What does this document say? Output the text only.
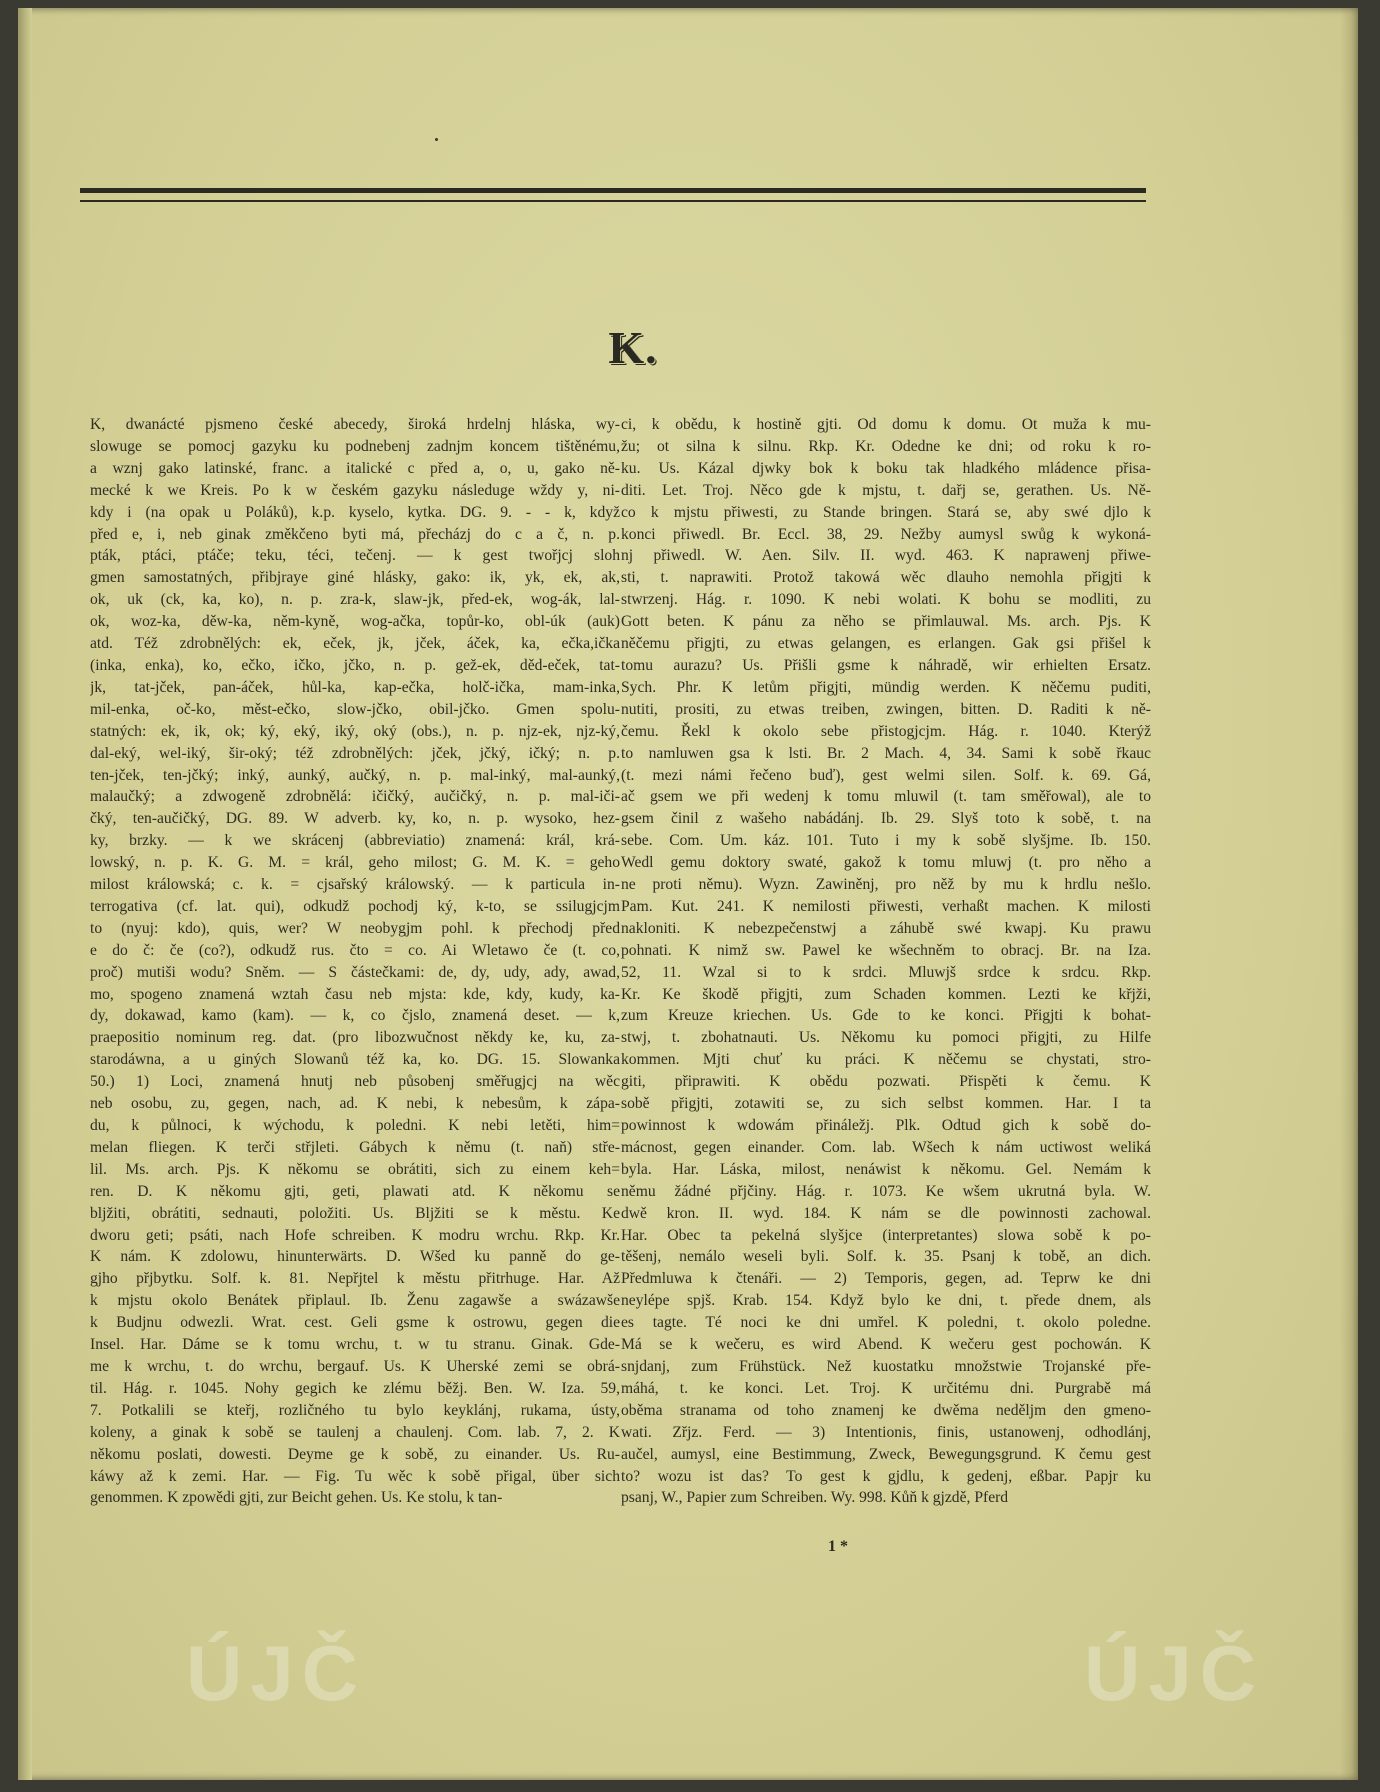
K.
K, dwanácté pjsmeno české abecedy, široká hrdelnj hláska, wy-
slowuge se pomocj gazyku ku podnebenj zadnjm koncem tištěnému,
a wznj gako latinské, franc. a italické c před a, o, u, gako ně-
mecké k we Kreis. Po k w českém gazyku následuge wždy y, ni-
kdy i (na opak u Poláků), k.p. kyselo, kytka. DG. 9. - - k, když
před e, i, neb ginak změkčeno byti má, přecházj do c a č, n. p.
pták, ptáci, ptáče; teku, téci, tečenj. — k gest twořjcj sloh
gmen samostatných, přibjraye giné hlásky, gako: ik, yk, ek, ak,
ok, uk (ck, ka, ko), n. p. zra-k, slaw-jk, před-ek, wog-ák, lal-
ok, woz-ka, děw-ka, něm-kyně, wog-ačka, topůr-ko, obl-úk (auk)
atd. Též zdrobnělých: ek, eček, jk, jček, áček, ka, ečka,ička
(inka, enka), ko, ečko, ičko, jčko, n. p. gež-ek, děd-eček, tat-
jk, tat-jček, pan-áček, hůl-ka, kap-ečka, holč-ička, mam-inka,
mil-enka, oč-ko, měst-ečko, slow-jčko, obil-jčko. Gmen spolu-
statných: ek, ik, ok; ký, eký, iký, oký (obs.), n. p. njz-ek, njz-ký,
dal-eký, wel-iký, šir-oký; též zdrobnělých: jček, jčký, ičký; n. p.
ten-jček, ten-jčký; inký, aunký, aučký, n. p. mal-inký, mal-aunký,
malaučký; a zdwogeně zdrobnělá: ičičký, aučičký, n. p. mal-iči-
čký, ten-aučičký, DG. 89. W adverb. ky, ko, n. p. wysoko, hez-
ky, brzky. — k we skrácenj (abbreviatio) znamená: král, krá-
lowský, n. p. K. G. M. = král, geho milost; G. M. K. = geho
milost králowská; c. k. = cjsařský králowský. — k particula in-
terrogativa (cf. lat. qui), odkudž pochodj ký, k-to, se ssilugjcjm
to (nyuj: kdo), quis, wer? W neobygjm pohl. k přechodj před
e do č: če (co?), odkudž rus. čto = co. Ai Wletawo če (t. co,
proč) mutiši wodu? Sněm. — S částečkami: de, dy, udy, ady, awad,
mo, spogeno znamená wztah času neb mjsta: kde, kdy, kudy, ka-
dy, dokawad, kamo (kam). — k, co čjslo, znamená deset. — k,
praepositio nominum reg. dat. (pro libozwučnost někdy ke, ku, za-
starodáwna, a u giných Slowanů též ka, ko. DG. 15. Slowanka
50.) 1) Loci, znamená hnutj neb působenj směřugjcj na wěc
neb osobu, zu, gegen, nach, ad. K nebi, k nebesům, k zápa-
du, k půlnoci, k wýchodu, k poledni. K nebi letěti, him=
melan fliegen. K terči střjleti. Gábych k němu (t. naň) stře-
lil. Ms. arch. Pjs. K někomu se obrátiti, sich zu einem keh=
ren. D. K někomu gjti, geti, plawati atd. K někomu se
blјžiti, obrátiti, sednauti, položiti. Us. Blјžiti se k městu. Ke
dworu geti; psáti, nach Hofe schreiben. K modru wrchu. Rkp. Kr.
K nám. K zdolowu, hinunterwärts. D. Wšed ku panně do ge-
gjho přjbytku. Solf. k. 81. Nepřjtel k městu přitrhuge. Har. Až
k mjstu okolo Benátek připlaul. Ib. Ženu zagawše a swázawše
k Budjnu odwezli. Wrat. cest. Geli gsme k ostrowu, gegen die
Insel. Har. Dáme se k tomu wrchu, t. w tu stranu. Ginak. Gde-
me k wrchu, t. do wrchu, bergauf. Us. K Uherské zemi se obrá-
til. Hág. r. 1045. Nohy gegich ke zlému běžj. Ben. W. Iza. 59,
7. Potkalili se kteřj, rozličného tu bylo keyklánj, rukama, ústy,
koleny, a ginak k sobě se taulenj a chaulenj. Com. lab. 7, 2. K
někomu poslati, dowesti. Deyme ge k sobě, zu einander. Us. Ru-
káwy až k zemi. Har. — Fig. Tu wěc k sobě přigal, über sich
genommen. K zpowědi gjti, zur Beicht gehen. Us. Ke stolu, k tan-
ci, k obědu, k hostině gjti. Od domu k domu. Ot muža k mu-
žu; ot silna k silnu. Rkp. Kr. Odedne ke dni; od roku k ro-
ku. Us. Kázal djwky bok k boku tak hladkého mládence přisa-
diti. Let. Troj. Něco gde k mjstu, t. dařj se, gerathen. Us. Ně-
co k mjstu přiwesti, zu Stande bringen. Stará se, aby swé djlo k
konci přiwedl. Br. Eccl. 38, 29. Nežby aumysl swůg k wykoná-
nj přiwedl. W. Aen. Silv. II. wyd. 463. K naprawenj přiwe-
sti, t. naprawiti. Protož takowá wěc dlauho nemohla přigjti k
stwrzenj. Hág. r. 1090. K nebi wolati. K bohu se modliti, zu
Gott beten. K pánu za něho se přimlauwal. Ms. arch. Pjs. K
něčemu přigjti, zu etwas gelangen, es erlangen. Gak gsi přišel k
tomu aurazu? Us. Přišli gsme k náhradě, wir erhielten Ersatz.
Sych. Phr. K letům přigjti, mündig werden. K něčemu puditi,
nutiti, prositi, zu etwas treiben, zwingen, bitten. D. Raditi k ně-
čemu. Řekl k okolo sebe přistogjcjm. Hág. r. 1040. Kterýž
to namluwen gsa k lsti. Br. 2 Mach. 4, 34. Sami k sobě řkauc
(t. mezi námi řečeno buď), gest welmi silen. Solf. k. 69. Gá,
ač gsem we při wedenj k tomu mluwil (t. tam směřowal), ale to
gsem činil z wašeho nabádánj. Ib. 29. Slyš toto k sobě, t. na
sebe. Com. Um. káz. 101. Tuto i my k sobě slyšjme. Ib. 150.
Wedl gemu doktory swaté, gakož k tomu mluwj (t. pro něho a
ne proti němu). Wyzn. Zawiněnj, pro něž by mu k hrdlu nešlo.
Pam. Kut. 241. K nemilosti přiwesti, verhaßt machen. K milosti
nakloniti. K nebezpečenstwj a záhubě swé kwapj. Ku prawu
pohnati. K nimž sw. Pawel ke wšechněm to obracj. Br. na Iza.
52, 11. Wzal si to k srdci. Mluwjš srdce k srdcu. Rkp.
Kr. Ke škodě přigjti, zum Schaden kommen. Lezti ke křjži,
zum Kreuze kriechen. Us. Gde to ke konci. Přigjti k bohat-
stwj, t. zbohatnauti. Us. Někomu ku pomoci přigjti, zu Hilfe
kommen. Mjti chuť ku práci. K něčemu se chystati, stro-
giti, připrawiti. K obědu pozwati. Přispěti k čemu. K
sobě přigjti, zotawiti se, zu sich selbst kommen. Har. I ta
powinnost k wdowám přináležj. Plk. Odtud gich k sobě do-
mácnost, gegen einander. Com. lab. Wšech k nám uctiwost weliká
byla. Har. Láska, milost, nenáwist k někomu. Gel. Nemám k
němu žádné přjčiny. Hág. r. 1073. Ke wšem ukrutná byla. W.
dwě kron. II. wyd. 184. K nám se dle powinnosti zachowal.
Har. Obec ta pekelná slyšjce (interpretantes) slowa sobě k po-
těšenj, nemálo weseli byli. Solf. k. 35. Psanj k tobě, an dich.
Předmluwa k čtenáři. — 2) Temporis, gegen, ad. Teprw ke dni
neylépe spjš. Krab. 154. Když bylo ke dni, t. přede dnem, als
es tagte. Té noci ke dni umřel. K poledni, t. okolo poledne.
Má se k wečeru, es wird Abend. K wečeru gest pochowán. K
snjdanj, zum Frühstück. Než kuostatku množstwie Trojanské pře-
máhá, t. ke konci. Let. Troj. K určitému dni. Purgrabě má
oběma stranama od toho znamenj ke dwěma nedělјm den gmeno-
wati. Zřjz. Ferd. — 3) Intentionis, finis, ustanowenj, odhodlánj,
aučel, aumysl, eine Bestimmung, Zweck, Bewegungsgrund. K čemu gest
to? wozu ist das? To gest k gjdlu, k gedenj, eßbar. Papjr ku
psanj, W., Papier zum Schreiben. Wy. 998. Kůň k gjzdě, Pferd
1 *
ÚJČ	ÚJČ
